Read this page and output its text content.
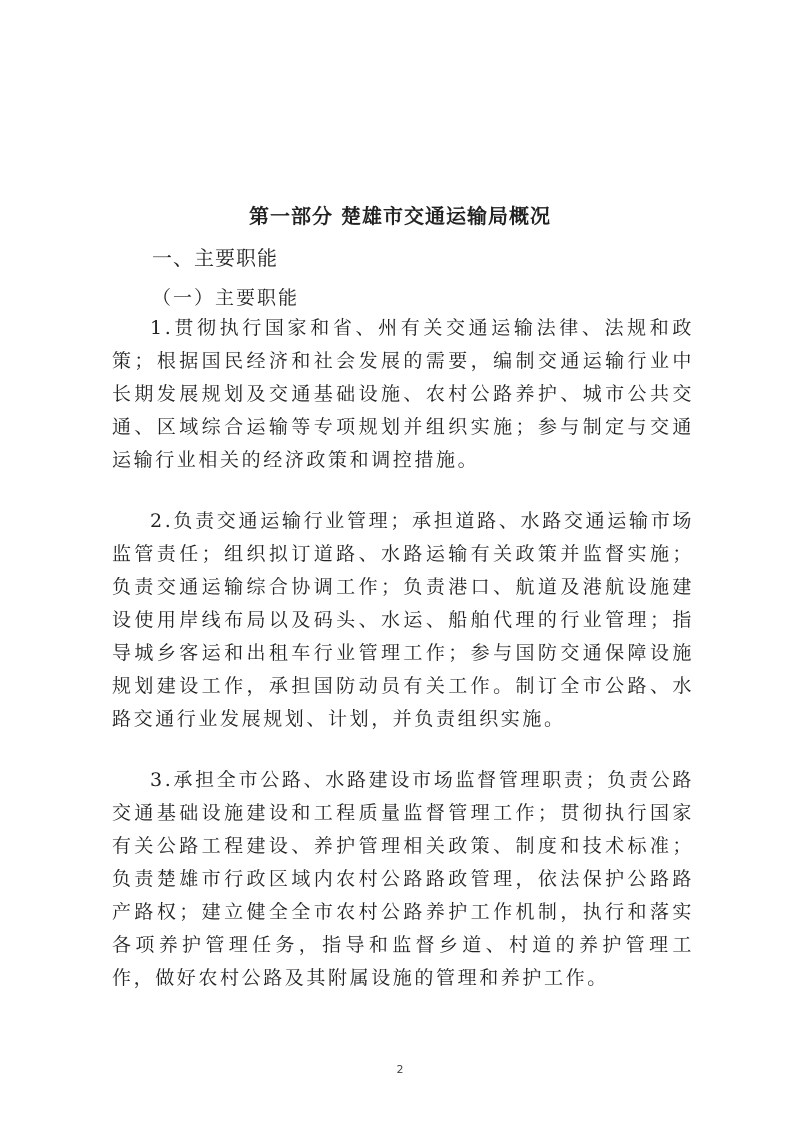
第一部分 楚雄市交通运输局概况
一、主要职能
（一）主要职能

1.贯彻执行国家和省、州有关交通运输法律、法规和政策；根据国民经济和社会发展的需要，编制交通运输行业中长期发展规划及交通基础设施、农村公路养护、城市公共交通、区域综合运输等专项规划并组织实施；参与制定与交通运输行业相关的经济政策和调控措施。

2.负责交通运输行业管理；承担道路、水路交通运输市场监管责任；组织拟订道路、水路运输有关政策并监督实施；负责交通运输综合协调工作；负责港口、航道及港航设施建设使用岸线布局以及码头、水运、船舶代理的行业管理；指导城乡客运和出租车行业管理工作；参与国防交通保障设施规划建设工作，承担国防动员有关工作。制订全市公路、水路交通行业发展规划、计划，并负责组织实施。

3.承担全市公路、水路建设市场监督管理职责；负责公路交通基础设施建设和工程质量监督管理工作；贯彻执行国家有关公路工程建设、养护管理相关政策、制度和技术标准；负责楚雄市行政区域内农村公路路政管理，依法保护公路路产路权；建立健全全市农村公路养护工作机制，执行和落实各项养护管理任务，指导和监督乡道、村道的养护管理工作，做好农村公路及其附属设施的管理和养护工作。

2
